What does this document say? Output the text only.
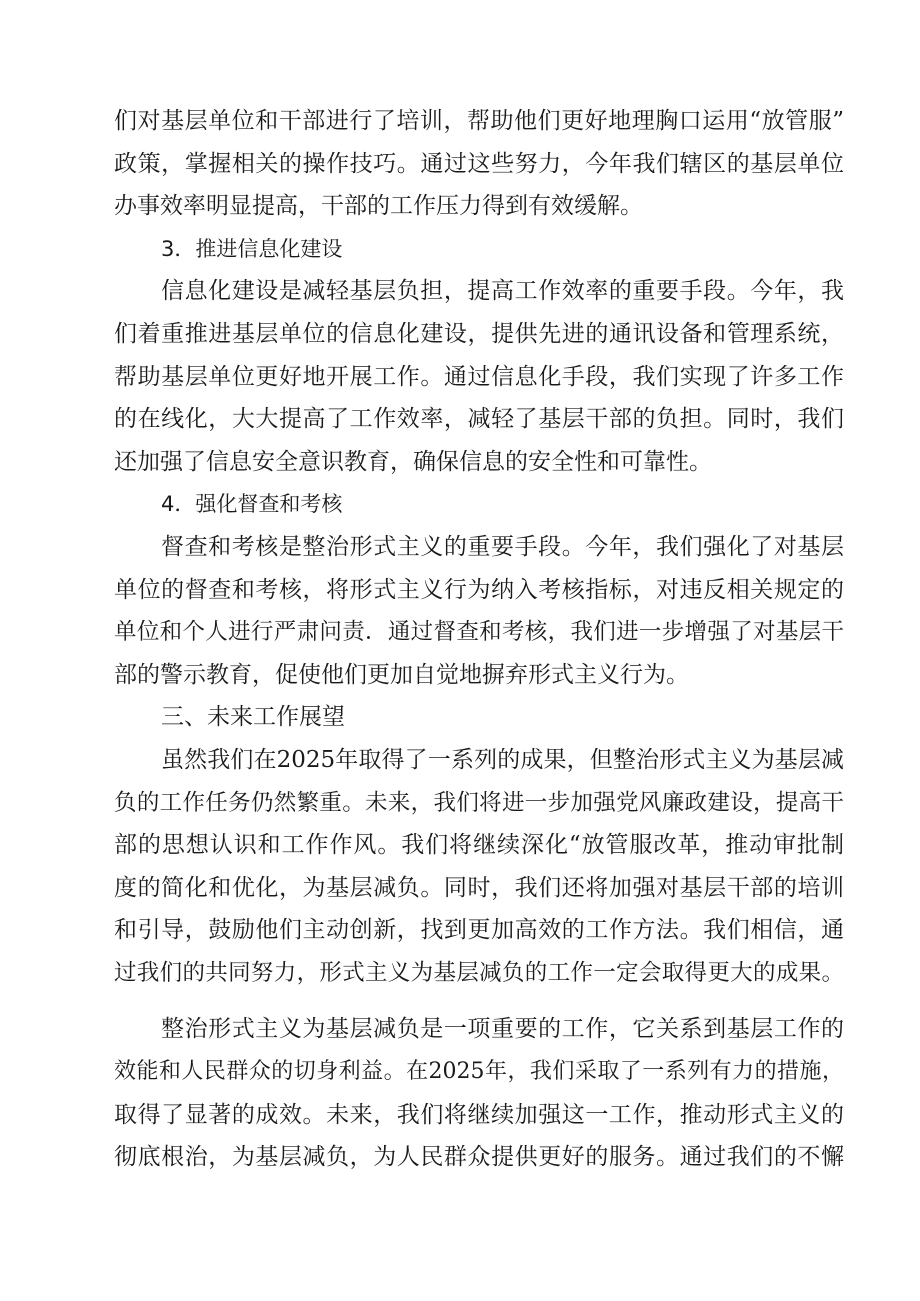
们对基层单位和干部进行了培训，帮助他们更好地理胸口运用“放管服”
政策，掌握相关的操作技巧。通过这些努力，今年我们辖区的基层单位
办事效率明显提高，干部的工作压力得到有效缓解。
3．推进信息化建设
信息化建设是减轻基层负担，提高工作效率的重要手段。今年，我
们着重推进基层单位的信息化建设，提供先进的通讯设备和管理系统，
帮助基层单位更好地开展工作。通过信息化手段，我们实现了许多工作
的在线化，大大提高了工作效率，减轻了基层干部的负担。同时，我们
还加强了信息安全意识教育，确保信息的安全性和可靠性。
4．强化督查和考核
督查和考核是整治形式主义的重要手段。今年，我们强化了对基层
单位的督查和考核，将形式主义行为纳入考核指标，对违反相关规定的
单位和个人进行严肃问责．通过督查和考核，我们进一步增强了对基层干
部的警示教育，促使他们更加自觉地摒弃形式主义行为。
三、未来工作展望
虽然我们在2025年取得了一系列的成果，但整治形式主义为基层减
负的工作任务仍然繁重。未来，我们将进一步加强党风廉政建设，提高干
部的思想认识和工作作风。我们将继续深化“放管服改革，推动审批制
度的简化和优化，为基层减负。同时，我们还将加强对基层干部的培训
和引导，鼓励他们主动创新，找到更加高效的工作方法。我们相信，通
过我们的共同努力，形式主义为基层减负的工作一定会取得更大的成果。
整治形式主义为基层减负是一项重要的工作，它关系到基层工作的
效能和人民群众的切身利益。在2025年，我们采取了一系列有力的措施，
取得了显著的成效。未来，我们将继续加强这一工作，推动形式主义的
彻底根治，为基层减负，为人民群众提供更好的服务。通过我们的不懈
